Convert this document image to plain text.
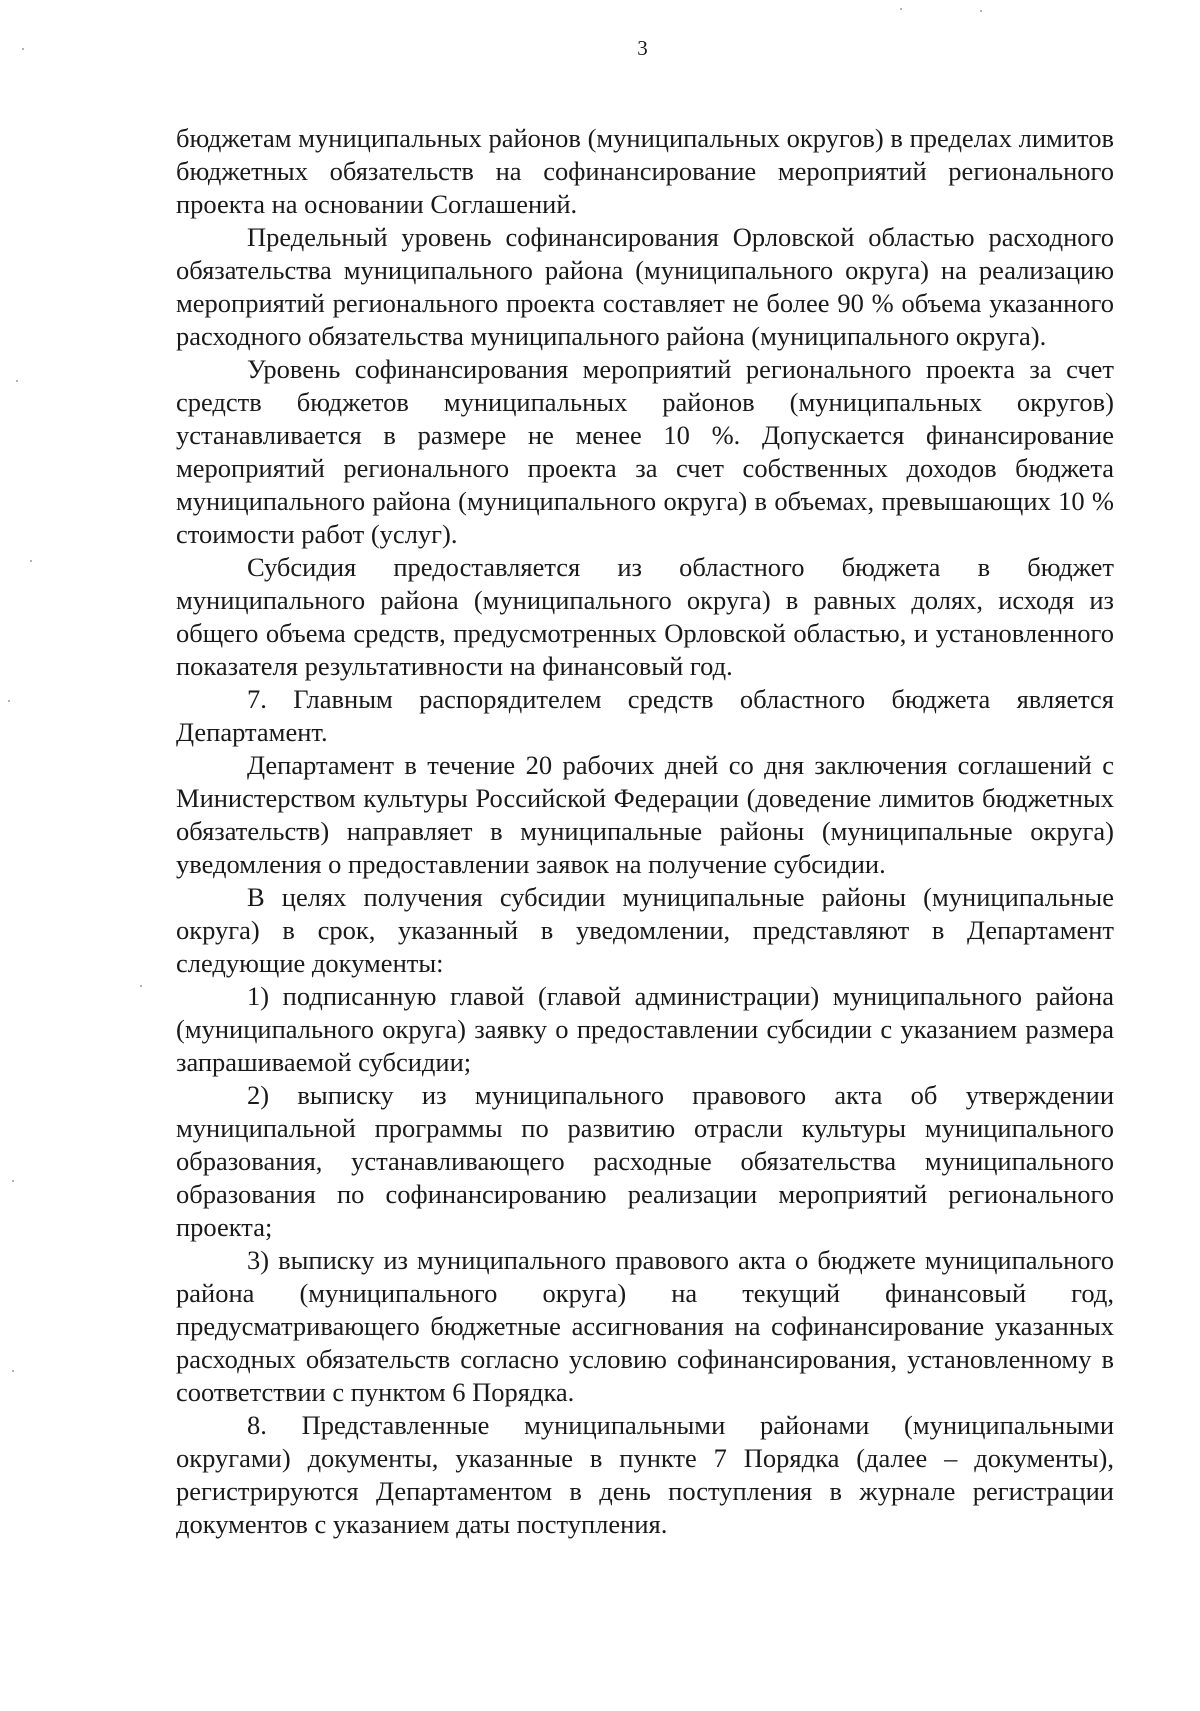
3

бюджетам муниципальных районов (муниципальных округов) в пределах лимитов бюджетных обязательств на софинансирование мероприятий регионального проекта на основании Соглашений.

Предельный уровень софинансирования Орловской областью расходного обязательства муниципального района (муниципального округа) на реализацию мероприятий регионального проекта составляет не более 90 % объема указанного расходного обязательства муниципального района (муниципального округа).

Уровень софинансирования мероприятий регионального проекта за счет средств бюджетов муниципальных районов (муниципальных округов) устанавливается в размере не менее 10 %. Допускается финансирование мероприятий регионального проекта за счет собственных доходов бюджета муниципального района (муниципального округа) в объемах, превышающих 10 % стоимости работ (услуг).

Субсидия предоставляется из областного бюджета в бюджет муниципального района (муниципального округа) в равных долях, исходя из общего объема средств, предусмотренных Орловской областью, и установленного показателя результативности на финансовый год.

7. Главным распорядителем средств областного бюджета является Департамент.

Департамент в течение 20 рабочих дней со дня заключения соглашений с Министерством культуры Российской Федерации (доведение лимитов бюджетных обязательств) направляет в муниципальные районы (муниципальные округа) уведомления о предоставлении заявок на получение субсидии.

В целях получения субсидии муниципальные районы (муниципальные округа) в срок, указанный в уведомлении, представляют в Департамент следующие документы:

1) подписанную главой (главой администрации) муниципального района (муниципального округа) заявку о предоставлении субсидии с указанием размера запрашиваемой субсидии;

2) выписку из муниципального правового акта об утверждении муниципальной программы по развитию отрасли культуры муниципального образования, устанавливающего расходные обязательства муниципального образования по софинансированию реализации мероприятий регионального проекта;

3) выписку из муниципального правового акта о бюджете муниципального района (муниципального округа) на текущий финансовый год, предусматривающего бюджетные ассигнования на софинансирование указанных расходных обязательств согласно условию софинансирования, установленному в соответствии с пунктом 6 Порядка.

8. Представленные муниципальными районами (муниципальными округами) документы, указанные в пункте 7 Порядка (далее – документы), регистрируются Департаментом в день поступления в журнале регистрации документов с указанием даты поступления.
